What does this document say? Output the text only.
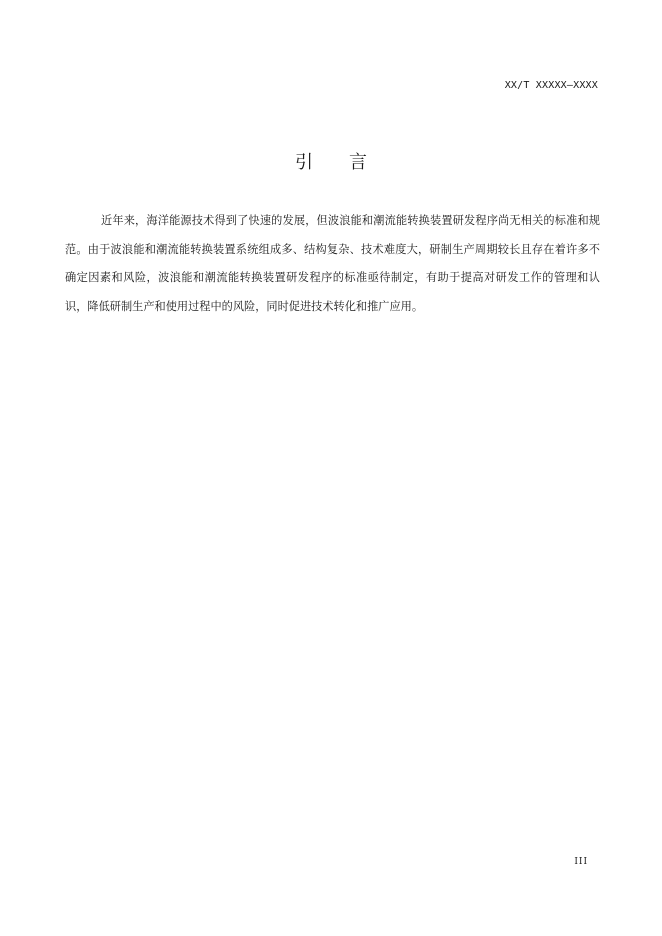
XX/T XXXXX—XXXX
引言

近年来，海洋能源技术得到了快速的发展，但波浪能和潮流能转换装置研发程序尚无相关的标准和规范。由于波浪能和潮流能转换装置系统组成多、结构复杂、技术难度大，研制生产周期较长且存在着许多不确定因素和风险，波浪能和潮流能转换装置研发程序的标准亟待制定，有助于提高对研发工作的管理和认识，降低研制生产和使用过程中的风险，同时促进技术转化和推广应用。

III
